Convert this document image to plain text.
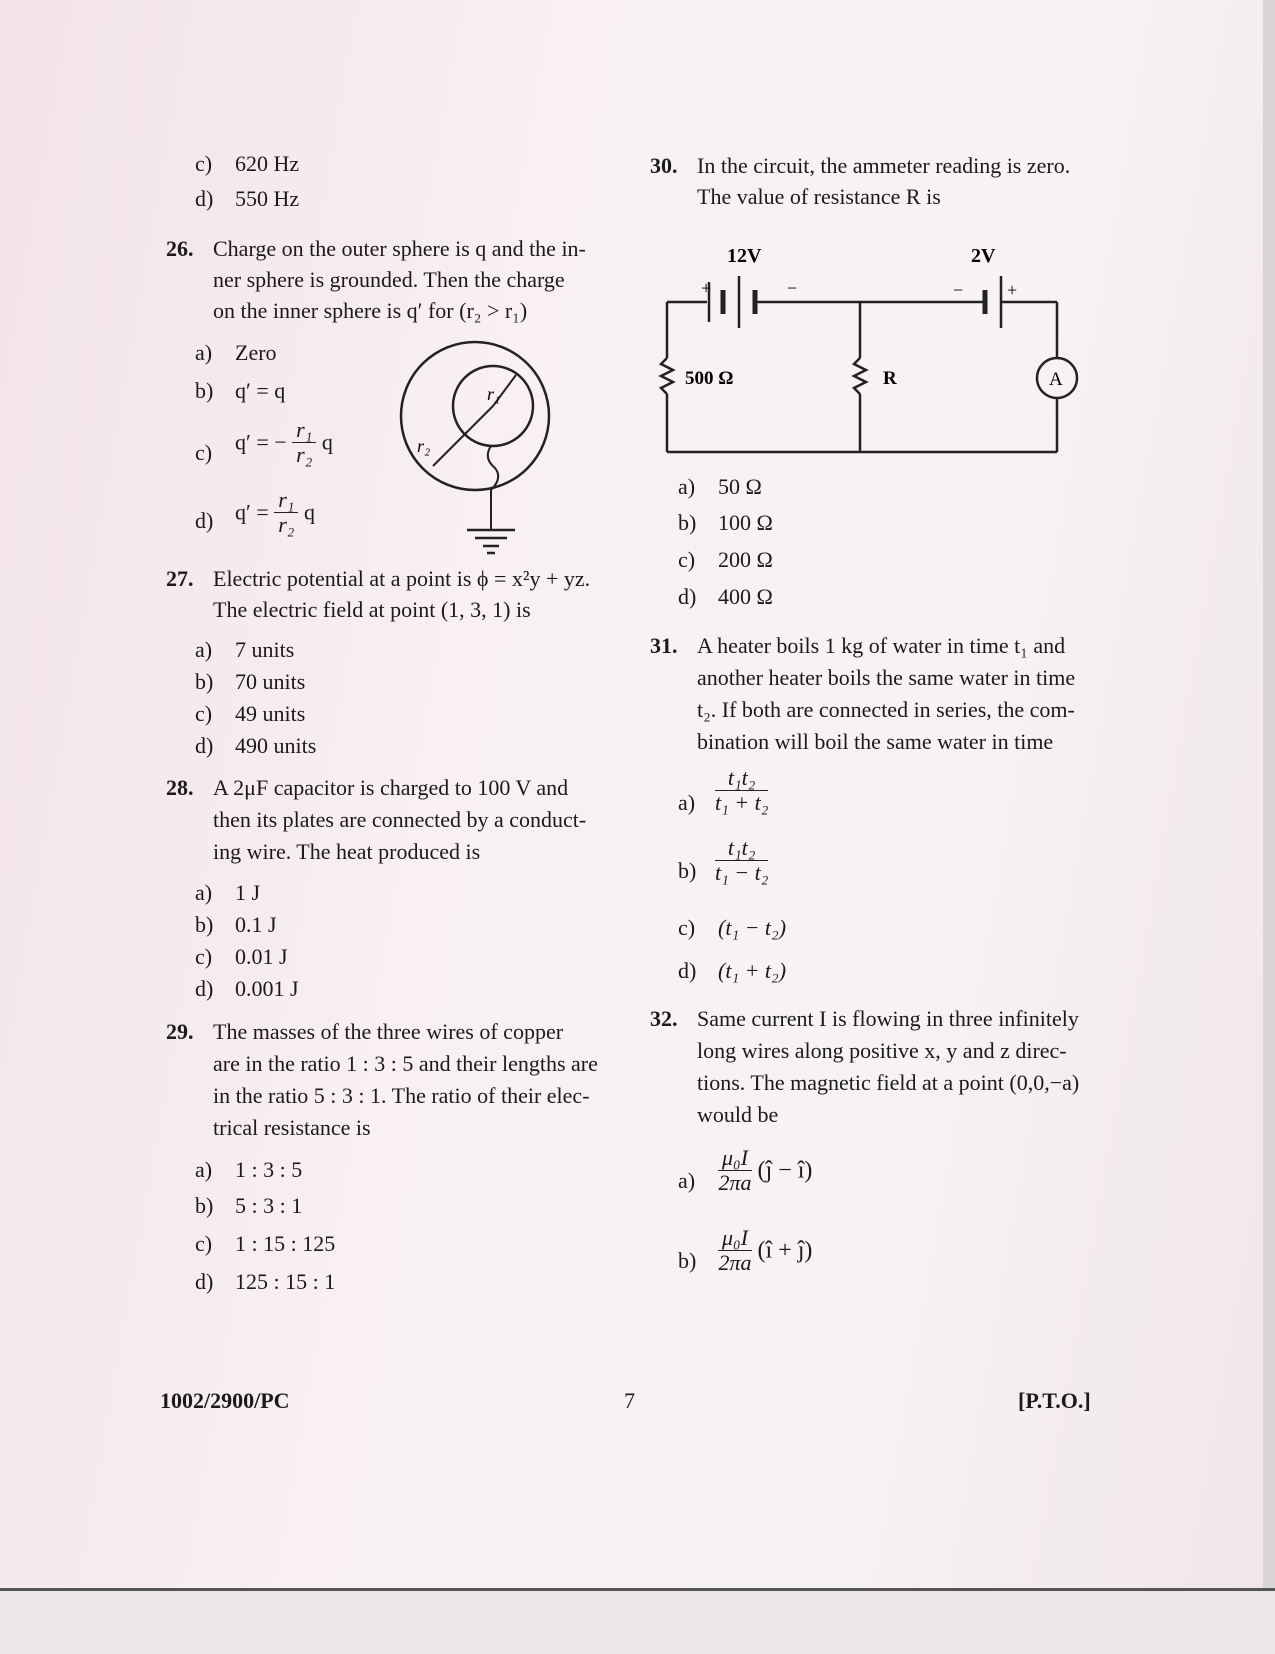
c) 620 Hz
d) 550 Hz
26. Charge on the outer sphere is q and the in-
ner sphere is grounded. Then the charge
on the inner sphere is q′ for (r₂ > r₁)
a) Zero
b) q′ = q
c) q′ = − $\frac{\text{r₁}}{\text{r₂}}$ q
d) $q' = \frac{\text{r₁}}{\text{r₂}}$ q
r₁
r₂
27. Electric potential at a point is ϕ = x²y + yz.
The electric field at point (1, 3, 1) is
a) 7 units
b) 70 units
c) 49 units
d) 490 units
28. A 2μF capacitor is charged to 100 V and
then its plates are connected by a conduct-
ing wire. The heat produced is
a) 1 J
b) 0.1 J
c) 0.01 J
d) 0.001 J
29. The masses of the three wires of copper
are in the ratio 1 : 3 : 5 and their lengths are
in the ratio 5 : 3 : 1. The ratio of their elec-
trical resistance is
a) 1 : 3 : 5
b) 5 : 3 : 1
c) 1 : 15 : 125
d) 125 : 15 : 1
30. In the circuit, the ammeter reading is zero.
The value of resistance R is
12V	2V
+	−	− +
500 Ω	R	A
a) 50 Ω
b) 100 Ω
c) 200 Ω
d) 400 Ω
31. A heater boils 1 kg of water in time t₁ and
another heater boils the same water in time
t₂. If both are connected in series, the com-
bination will boil the same water in time
$a) \frac{\text{t₁t₂}}{\text{t₁ + t₂}}$
$b) \frac{\text{t₁t₂}}{\text{t₁ − t₂}}$
c) (t₁ − t₂)
d) (t₁ + t₂)
32. Same current I is flowing in three infinitely
long wires along positive x, y and z direc-
tions. The magnetic field at a point (0,0,−a)
would be
$a) \frac{\text{μ₀I}}{2\pi a}$ (ĵ − î)
$b) \frac{\text{μ₀I}}{2\pi a}$ (î + ĵ)
1002/2900/PC	7	[P.T.O.]
